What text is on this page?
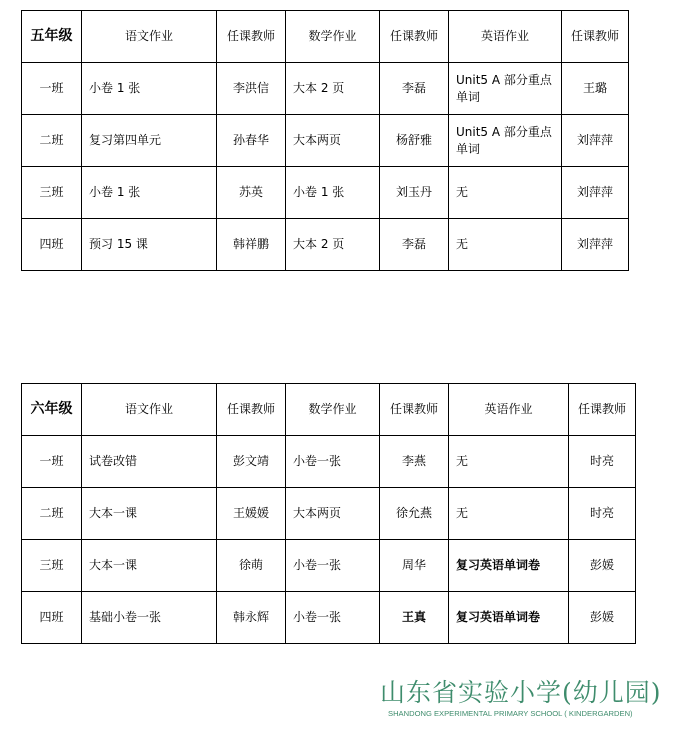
五年级	语文作业	任课教师	数学作业	任课教师	英语作业	任课教师
一班	小卷 1 张	李洪信	大本 2 页	李磊	Unit5 A 部分重点单词	王璐
二班	复习第四单元	孙春华	大本两页	杨舒雅	Unit5 A 部分重点单词	刘萍萍
三班	小卷 1 张	苏英	小卷 1 张	刘玉丹	无	刘萍萍
四班	预习 15 课	韩祥鹏	大本 2 页	李磊	无	刘萍萍
六年级	语文作业	任课教师	数学作业	任课教师	英语作业	任课教师
一班	试卷改错	彭文靖	小卷一张	李燕	无	时亮
二班	大本一课	王媛媛	大本两页	徐允燕	无	时亮
三班	大本一课	徐萌	小卷一张	周华	复习英语单词卷	彭媛
四班	基础小卷一张	韩永辉	小卷一张	王真	复习英语单词卷	彭媛
山东省实验小学(幼儿园)
SHANDONG EXPERIMENTAL PRIMARY SCHOOL ( KINDERGARDEN)
